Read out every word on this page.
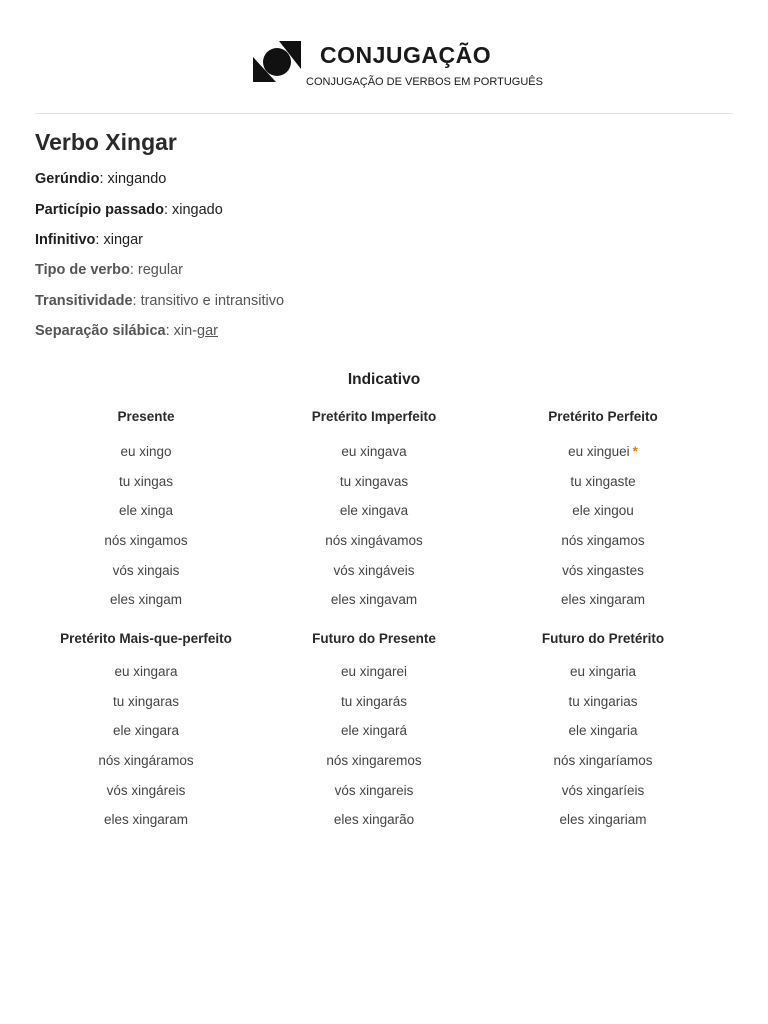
CONJUGAÇÃO
CONJUGAÇÃO DE VERBOS EM PORTUGUÊS
Verbo Xingar
Gerúndio: xingando
Particípio passado: xingado
Infinitivo: xingar
Tipo de verbo: regular
Transitividade: transitivo e intransitivo
Separação silábica: xin-gar
Indicativo
Presente
eu xingo
tu xingas
ele xinga
nós xingamos
vós xingais
eles xingam
Pretérito Imperfeito
eu xingava
tu xingavas
ele xingava
nós xingávamos
vós xingáveis
eles xingavam
Pretérito Perfeito
eu xinguei *
tu xingaste
ele xingou
nós xingamos
vós xingastes
eles xingaram
Pretérito Mais-que-perfeito
eu xingara
tu xingaras
ele xingara
nós xingáramos
vós xingáreis
eles xingaram
Futuro do Presente
eu xingarei
tu xingarás
ele xingará
nós xingaremos
vós xingareis
eles xingarão
Futuro do Pretérito
eu xingaria
tu xingarias
ele xingaria
nós xingaríamos
vós xingaríeis
eles xingariam
